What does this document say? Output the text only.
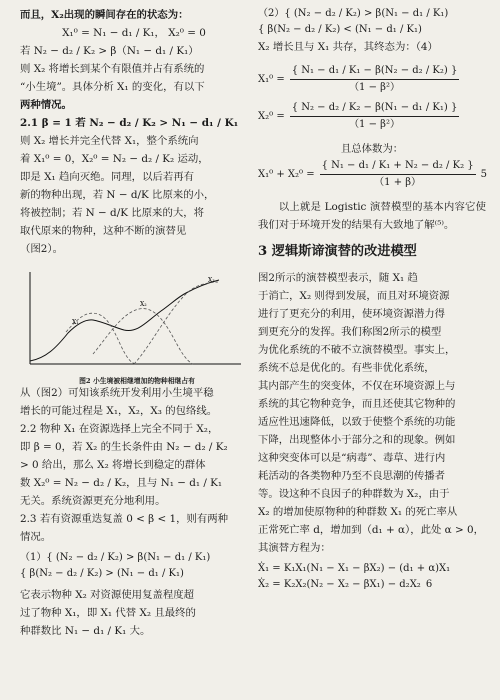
而且，X₂出现的瞬间存在的状态为：
X₁⁰ = N₁ − d₁ / K₁， X₂⁰ = 0
若 N₂ − d₂ / K₂ > β（N₁ − d₁ / K₁）
则 X₂ 将增长到某个有限值并占有系统的
“小生境”。具体分析 X₁ 的变化，有以下
两种情况。
2.1 β = 1 若 N₂ − d₂ / K₂ > N₁ − d₁ / K₁
则 X₂ 增长并完全代替 X₁，整个系统向
着 X₁⁰ = 0，X₂⁰ = N₂ − d₂ / K₂ 运动，
即是 X₁ 趋向灭绝。同理，以后若再有
新的物种出现，若 N − d/K 比原来的小，
将被控制；若 N − d/K 比原来的大，将
取代原来的物种，这种不断的演替见
（图2）。
X₁
X₂
X₃
图2 小生境被相继增加的物种相继占有
从（图2）可知该系统开发利用小生境平稳
增长的可能过程是 X₁，X₂，X₃ 的包络线。
2.2 物种 X₁ 在资源选择上完全不同于 X₂，
即 β = 0，若 X₂ 的生长条件由 N₂ − d₂ / K₂
> 0 给出，那么 X₂ 将增长到稳定的群体
数 X₂⁰ = N₂ − d₂ / K₂，且与 N₁ − d₁ / K₁
无关。系统资源更充分地利用。
2.3 若有资源重迭复盖 0 < β < 1，则有两种
情况。
（1）{ (N₂ − d₂ / K₂) > β(N₁ − d₁ / K₁)
{ β(N₂ − d₂ / K₂) > (N₁ − d₁ / K₁)
它表示物种 X₂ 对资源使用复盖程度超
过了物种 X₁，即 X₁ 代替 X₂ 且最终的
种群数比 N₁ − d₁ / K₁ 大。
（2）{ (N₂ − d₂ / K₂) > β(N₁ − d₁ / K₁)
{ β(N₂ − d₂ / K₂) < (N₁ − d₁ / K₁)
X₂ 增长且与 X₁ 共存，其终态为：（4）
$X_1^0 = \frac{\text{\{ N₁ − d₁ / K₁ − β(N₂ − d₂ / K₂) \}}}{\text{（1 − β²）}}$
$X_2^0 = \frac{\text{\{ N₂ − d₂ / K₂ − β(N₁ − d₁ / K₁) \}}}{\text{（1 − β²）}}$
且总体数为：
$X_1^0 + X_2^0 = \frac{\text{\{ N₁ − d₁ / K₁ + N₂ − d₂ / K₂ \}}}{(1 + \beta)} 5$

以上就是 Logistic 演替模型的基本内容它使我们对于环境开发的结果有大致地了解⁽⁵⁾。

3 逻辑斯谛演替的改进模型
图2所示的演替模型表示，随 X₁ 趋
于消亡，X₂ 则得到发展，而且对环境资源
进行了更充分的利用，使环境资源潜力得
到更充分的发挥。我们称图2所示的模型
为优化系统的不破不立演替模型。事实上，
系统不总是优化的。有些非优化系统，
其内部产生的突变体，不仅在环境资源上与
系统的其它物种竞争，而且还使其它物种的
适应性迅速降低，以致于使整个系统的功能
下降，出现整体小于部分之和的现象。例如
这种突变体可以是“病毒”、毒草、进行内
耗活动的各类物种乃至不良思潮的传播者
等。设这种不良因子的种群数为 X₂，由于
X₂ 的增加使原物种的种群数 X₁ 的死亡率从
正常死亡率 d，增加到（d₁ + α），此处 α > 0，
其演替方程为：
Ẋ₁ = K₁X₁(N₁ − X₁ − βX₂) − (d₁ + α)X₁
Ẋ₂ = K₂X₂(N₂ − X₂ − βX₁) − d₂X₂ 6
